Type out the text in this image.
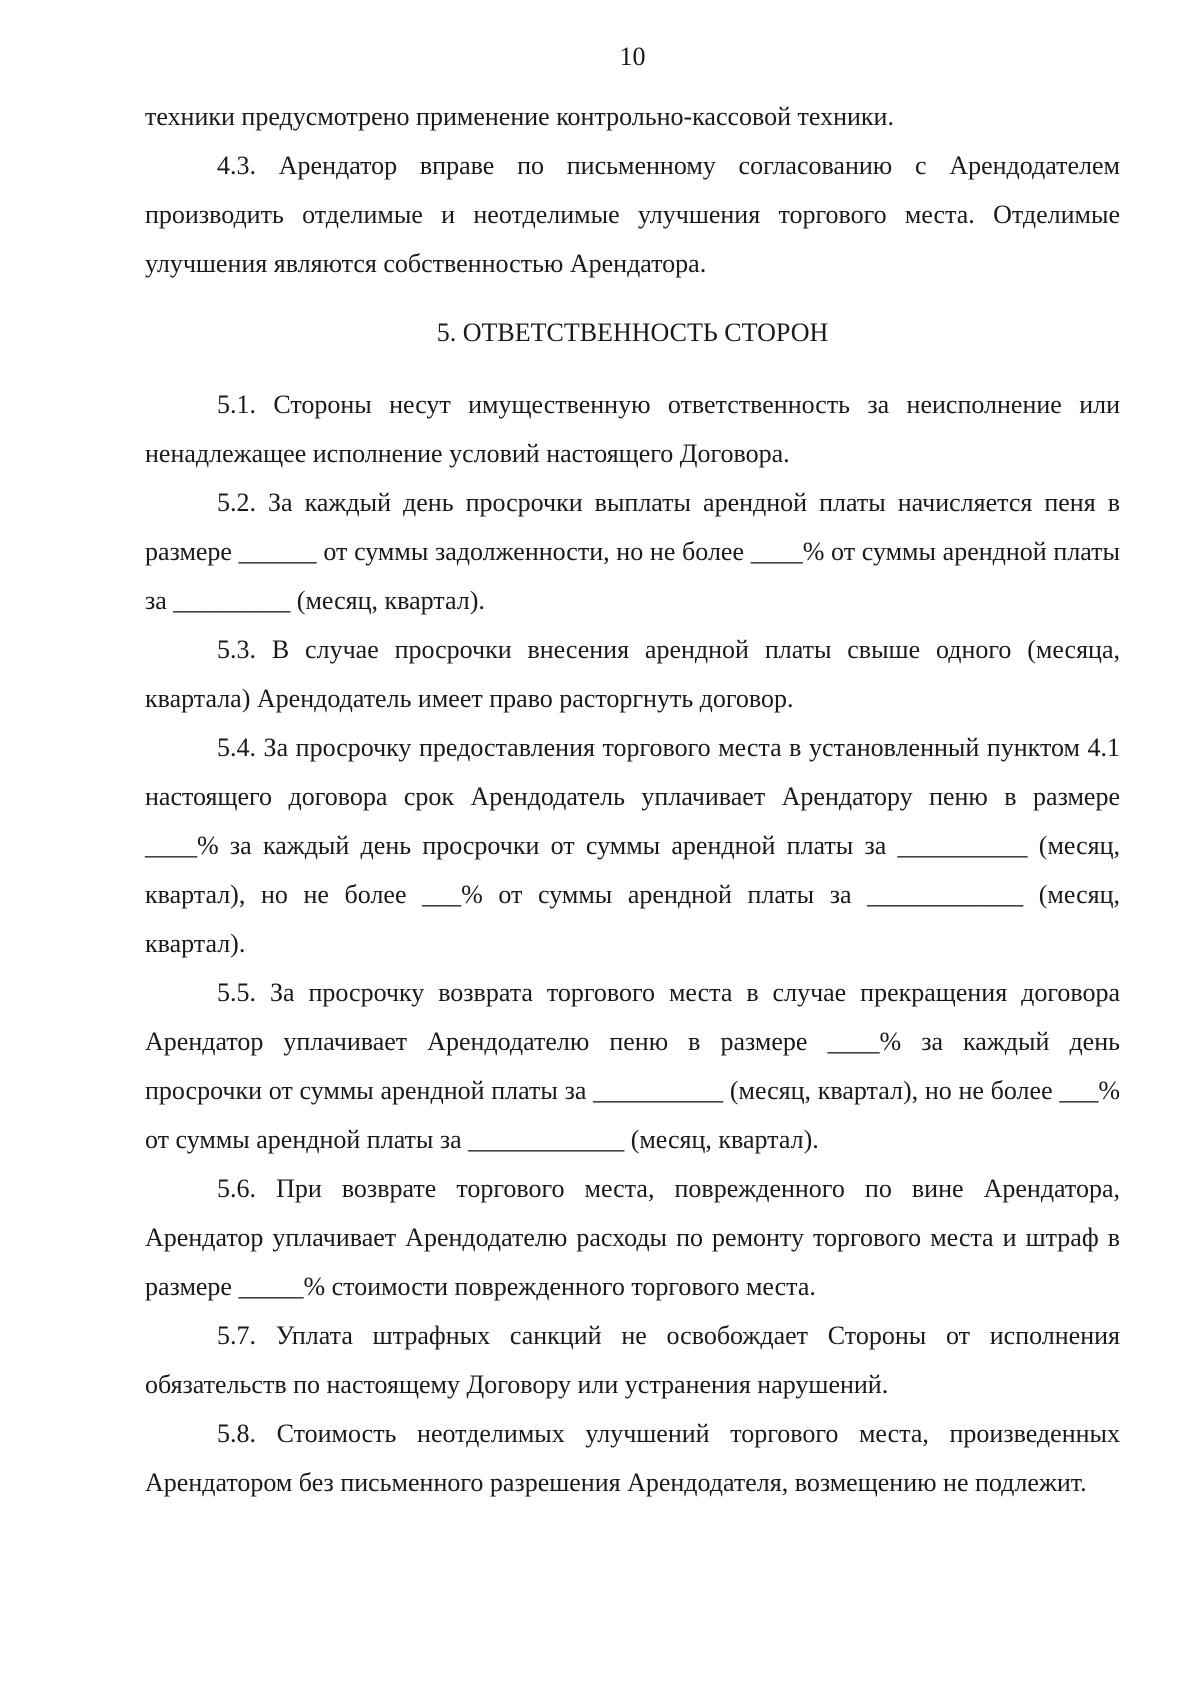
10

техники предусмотрено применение контрольно-кассовой техники.

4.3. Арендатор вправе по письменному согласованию с Арендодателем производить отделимые и неотделимые улучшения торгового места. Отделимые улучшения являются собственностью Арендатора.

5. ОТВЕТСТВЕННОСТЬ СТОРОН

5.1. Стороны несут имущественную ответственность за неисполнение или ненадлежащее исполнение условий настоящего Договора.

5.2. За каждый день просрочки выплаты арендной платы начисляется пеня в размере ______ от суммы задолженности, но не более ____% от суммы арендной платы за _________ (месяц, квартал).

5.3. В случае просрочки внесения арендной платы свыше одного (месяца, квартала) Арендодатель имеет право расторгнуть договор.

5.4. За просрочку предоставления торгового места в установленный пунктом 4.1 настоящего договора срок Арендодатель уплачивает Арендатору пеню в размере ____% за каждый день просрочки от суммы арендной платы за __________ (месяц, квартал), но не более ___% от суммы арендной платы за ____________ (месяц, квартал).

5.5. За просрочку возврата торгового места в случае прекращения договора Арендатор уплачивает Арендодателю пеню в размере ____% за каждый день просрочки от суммы арендной платы за __________ (месяц, квартал), но не более ___% от суммы арендной платы за ____________ (месяц, квартал).

5.6. При возврате торгового места, поврежденного по вине Арендатора, Арендатор уплачивает Арендодателю расходы по ремонту торгового места и штраф в размере _____% стоимости поврежденного торгового места.

5.7. Уплата штрафных санкций не освобождает Стороны от исполнения обязательств по настоящему Договору или устранения нарушений.

5.8. Стоимость неотделимых улучшений торгового места, произведенных Арендатором без письменного разрешения Арендодателя, возмещению не подлежит.
